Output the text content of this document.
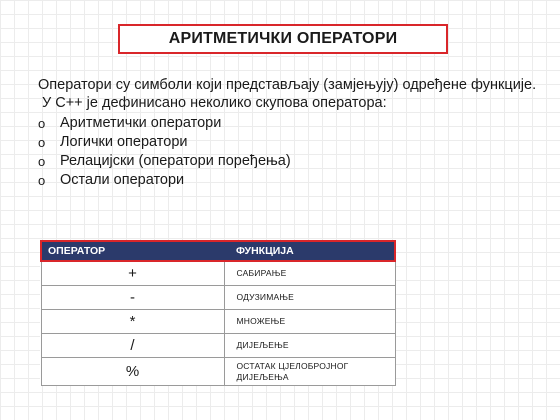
АРИТМЕТИЧКИ ОПЕРАТОРИ
Оператори су симболи који представљају (замјењују) одређене функције.
У С++ је дефинисано неколико скупова оператора:
o	Аритметички оператори
o	Логички оператори
o	Релацијски (оператори поређења)
o	Остали оператори
ОПЕРАТОР	ФУНКЦИЈА
+	САБИРАЊЕ
-	ОДУЗИМАЊЕ
*	МНОЖЕЊЕ
/	ДИЈЕЉЕЊЕ
%	ОСТАТАК ЦЈЕЛОБРОЈНОГ ДИЈЕЉЕЊА
